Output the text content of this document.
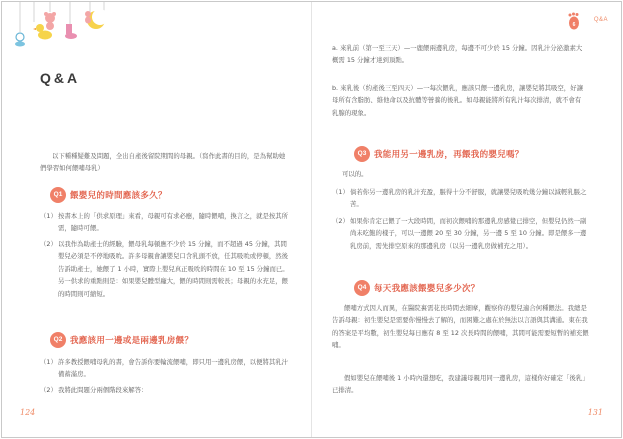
Q&A
以下種種疑難及問題，全出自產後留院期間的母親。（寫作此書的目的，是為幫助她們學習如何餵哺母乳）
Q1 餵嬰兒的時間應該多久？
（1） 按書本上的「供求原理」來看，母親可有求必應，隨時餵哺，換言之，就是按其所需，隨時可餵。
（2） 以我作為助產士的經驗，餵母乳每頓應不少於 15 分鐘，而不超過 45 分鐘，其間嬰兒必須是不停地吸吮。許多母親會讓嬰兒口含乳頭不放，任其吸吮或停頓，然後告訴助產士，她餵了 1 小時，實際上嬰兒真正吸吮的時間在 10 至 15 分鐘而已。另一供求的重點則是：如果嬰兒體型龐大，餵的時間則需較長；母親的水充足，餵的時間則可縮短。
Q2 我應該用一邊或是兩邊乳房餵？
（1） 許多教授餵哺母乳的書，會告訴你要輪流餵哺，即只用一邊乳房餵，以便將其乳汁備蓄滿房。
（2） 我將此問題分兩個階段來解答：
124
6
Q&A
a. 來乳前（第一至三天）—一鹿餵兩邊乳房，每邊不可少於 15 分鐘。因乳汁分泌激素大概需 15 分鐘才達到頂點。
b. 來乳後（約產後三至四天）—一每次餵乳，應該只餵一邊乳房，讓嬰兒將其吸空，好讓母所有含脂肪、維他命以及抗體等營養的後乳。如母親能將所有乳汁每次排清，就不會有乳腺的現象。
Q3 我能用另一邊乳房，再餵我的嬰兒嗎？
可以的。
（1） 倘若你另一邊乳房的乳汁充盈，脹得十分不舒服，就讓嬰兒吸吮幾分鐘以減輕乳脹之苦。
（2） 如果你肯定已餵了一大段時間，而初次餵哺的那邊乳房感覺已排空，但嬰兒仍然一副尚未吃飽的樣子，可以一邊餵 20 至 30 分鐘，另一邊 5 至 10 分鐘。即是餵多一邊乳房前，需先排空原來的那邊乳房（以另一邊乳房做補充之用）。
Q4 每天我應該餵嬰兒多少次？
餵哺方式因人而異，在醫院裏需花長時間去細摩，觀察你的嬰兒適合何種餵法。我總是告訴母親：初生嬰兒是需要你慢慢去了解的，而困難之處在於無法以言語與其溝通。東在我的答案是平均數，初生嬰兒每日應有 8 至 12 次長時間的餵哺，其間可能需要短暫的補充餵哺。
假如嬰兒在餵哺後 1 小時內還想吃，我建議母親用同一邊乳房，這樣你好確定「後乳」已排清。
131
